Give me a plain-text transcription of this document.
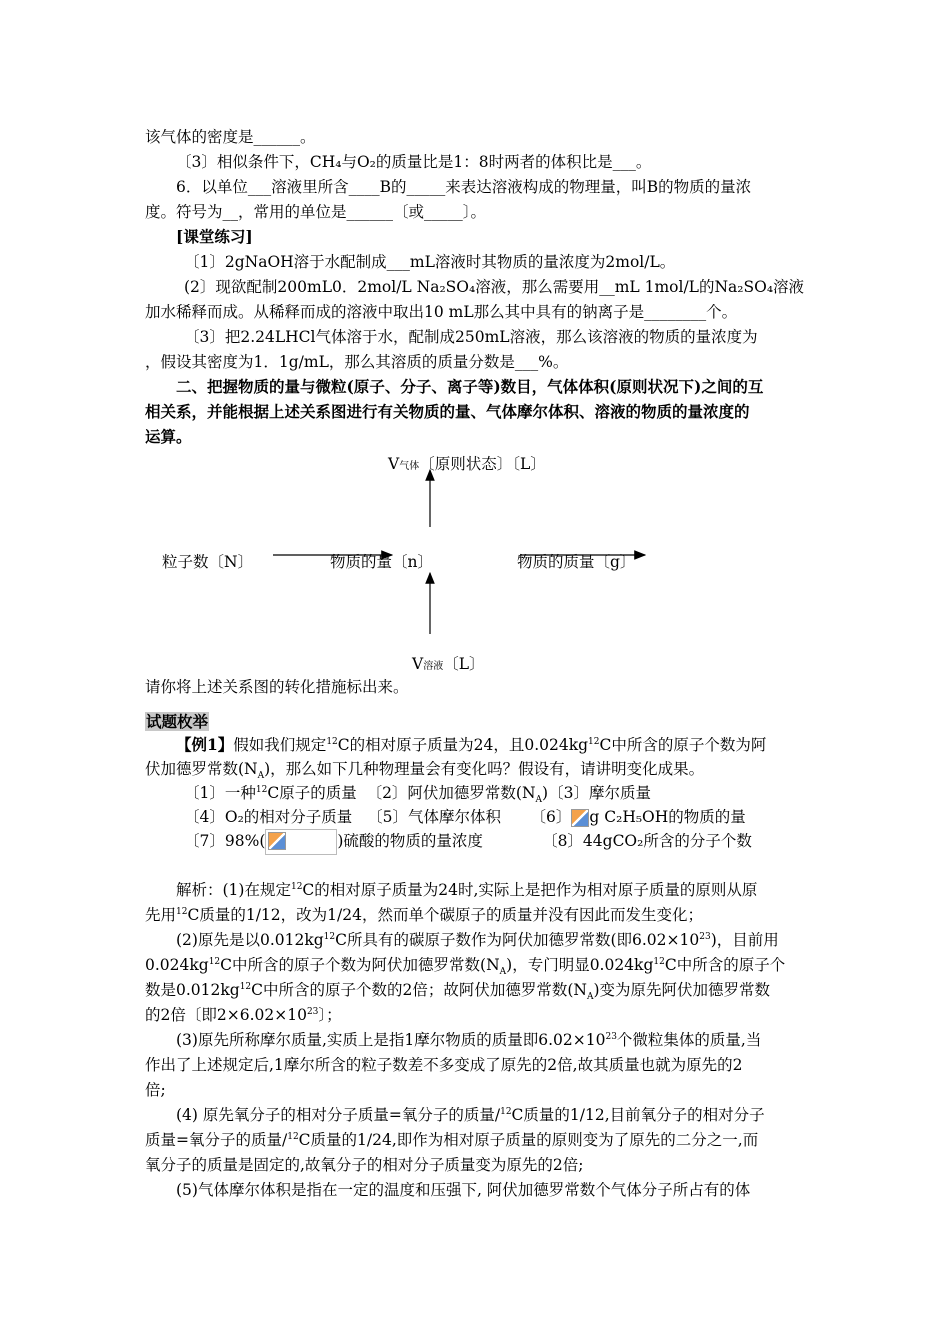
该气体的密度是______。
〔3〕相似条件下，CH₄与O₂的质量比是1：8时两者的体积比是___。
6．以单位___溶液里所含____B的_____来表达溶液构成的物理量，叫B的物质的量浓
度。符号为__，常用的单位是______〔或_____〕。
[课堂练习]
〔1〕2gNaOH溶于水配制成___mL溶液时其物质的量浓度为2mol/L。
(2〕现欲配制200mL0．2mol/L Na₂SO₄溶液，那么需要用__mL 1mol/L的Na₂SO₄溶液
加水稀释而成。从稀释而成的溶液中取出10 mL那么其中具有的钠离子是________个。
〔3〕把2.24LHCl气体溶于水，配制成250mL溶液，那么该溶液的物质的量浓度为
，假设其密度为1．1g/mL，那么其溶质的质量分数是___%。
二、把握物质的量与微粒(原子、分子、离子等)数目，气体体积(原则状况下)之间的互
相关系，并能根据上述关系图进行有关物质的量、气体摩尔体积、溶液的物质的量浓度的
运算。
V气体〔原则状态〕〔L〕
粒子数〔N〕	物质的量〔n〕	物质的质量〔g〕
V溶液〔L〕
请你将上述关系图的转化措施标出来。
试题枚举
【例1】假如我们规定$^{12}$C的相对原子质量为24，且$0.024kg^{12}C$中所含的原子个数为阿
伏加德罗常数$(N_A)$，那么如下几种物理量会有变化吗？假设有，请讲明变化成果。
〔1〕一种$^{12}$C原子的质量 〔2〕阿伏加德罗常数$(N_A)$〔3〕摩尔质量
〔4〕O₂的相对分子质量 〔5〕气体摩尔体积 〔6〕 g C₂H₅OH的物质的量
〔7〕98%(	)硫酸的物质的量浓度	〔8〕44gCO₂所含的分子个数
解析：(1)在规定$^{12}$C的相对原子质量为24时,实际上是把作为相对原子质量的原则从原
先用$^{12}$C质量的1/12，改为1/24，然而单个碳原子的质量并没有因此而发生变化；
(2)原先是以$0.012kg^{12}C$所具有的碳原子数作为阿伏加德罗常数(即$6.02\times 10^{23}$)，目前用
$0.024kg^{12}C$中所含的原子个数为阿伏加德罗常数$(N_A)$，专门明显$0.024kg^{12}C$中所含的原子个
数是$0.012kg^{12}C$中所含的原子个数的2倍；故阿伏加德罗常数$(N_A)$变为原先阿伏加德罗常数
的2倍〔即$2\times 6.02\times 10^{23}$〕；
(3)原先所称摩尔质量,实质上是指1摩尔物质的质量即$6.02\times 10^{23}$个微粒集体的质量,当
作出了上述规定后,1摩尔所含的粒子数差不多变成了原先的2倍,故其质量也就为原先的2
倍;
(4) 原先氧分子的相对分子质量=氧分子的质量/$^{12}$C质量的1/12,目前氧分子的相对分子
质量=氧分子的质量/$^{12}$C质量的1/24,即作为相对原子质量的原则变为了原先的二分之一,而
氧分子的质量是固定的,故氧分子的相对分子质量变为原先的2倍;
(5)气体摩尔体积是指在一定的温度和压强下, 阿伏加德罗常数个气体分子所占有的体
